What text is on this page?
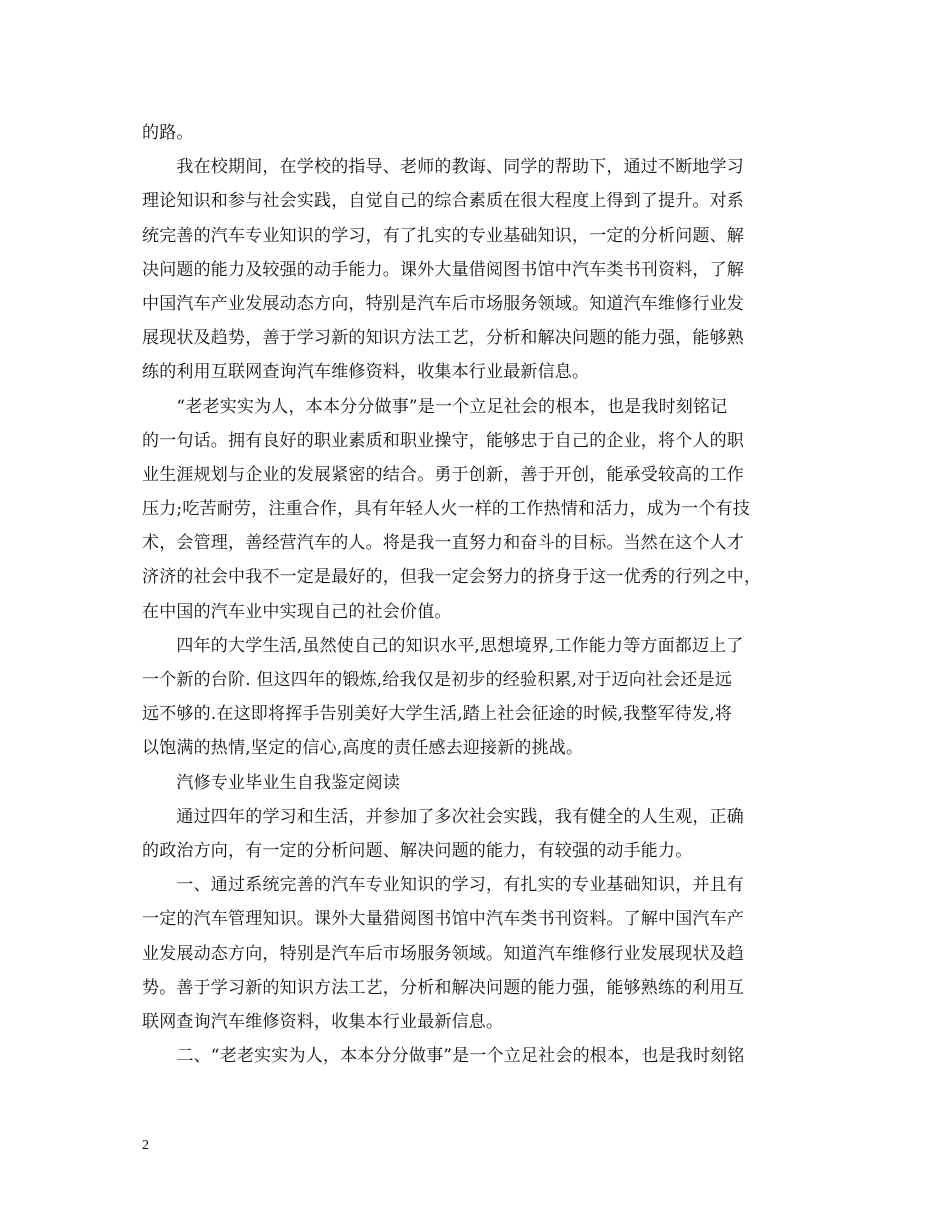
的路。
　　我在校期间，在学校的指导、老师的教诲、同学的帮助下，通过不断地学习
理论知识和参与社会实践，自觉自己的综合素质在很大程度上得到了提升。对系
统完善的汽车专业知识的学习，有了扎实的专业基础知识，一定的分析问题、解
决问题的能力及较强的动手能力。课外大量借阅图书馆中汽车类书刊资料，了解
中国汽车产业发展动态方向，特别是汽车后市场服务领域。知道汽车维修行业发
展现状及趋势，善于学习新的知识方法工艺，分析和解决问题的能力强，能够熟
练的利用互联网查询汽车维修资料，收集本行业最新信息。
　　“老老实实为人，本本分分做事”是一个立足社会的根本，也是我时刻铭记
的一句话。拥有良好的职业素质和职业操守，能够忠于自己的企业，将个人的职
业生涯规划与企业的发展紧密的结合。勇于创新，善于开创，能承受较高的工作
压力;吃苦耐劳，注重合作，具有年轻人火一样的工作热情和活力，成为一个有技
术，会管理，善经营汽车的人。将是我一直努力和奋斗的目标。当然在这个人才
济济的社会中我不一定是最好的，但我一定会努力的挤身于这一优秀的行列之中，
在中国的汽车业中实现自己的社会价值。
　　四年的大学生活,虽然使自己的知识水平,思想境界,工作能力等方面都迈上了
一个新的台阶. 但这四年的锻炼,给我仅是初步的经验积累,对于迈向社会还是远
远不够的.在这即将挥手告别美好大学生活,踏上社会征途的时候,我整军待发,将
以饱满的热情,坚定的信心,高度的责任感去迎接新的挑战。
　　汽修专业毕业生自我鉴定阅读
　　通过四年的学习和生活，并参加了多次社会实践，我有健全的人生观，正确
的政治方向，有一定的分析问题、解决问题的能力，有较强的动手能力。
　　一、通过系统完善的汽车专业知识的学习，有扎实的专业基础知识，并且有
一定的汽车管理知识。课外大量猎阅图书馆中汽车类书刊资料。了解中国汽车产
业发展动态方向，特别是汽车后市场服务领域。知道汽车维修行业发展现状及趋
势。善于学习新的知识方法工艺，分析和解决问题的能力强，能够熟练的利用互
联网查询汽车维修资料，收集本行业最新信息。
　　二、“老老实实为人，本本分分做事”是一个立足社会的根本，也是我时刻铭
2
